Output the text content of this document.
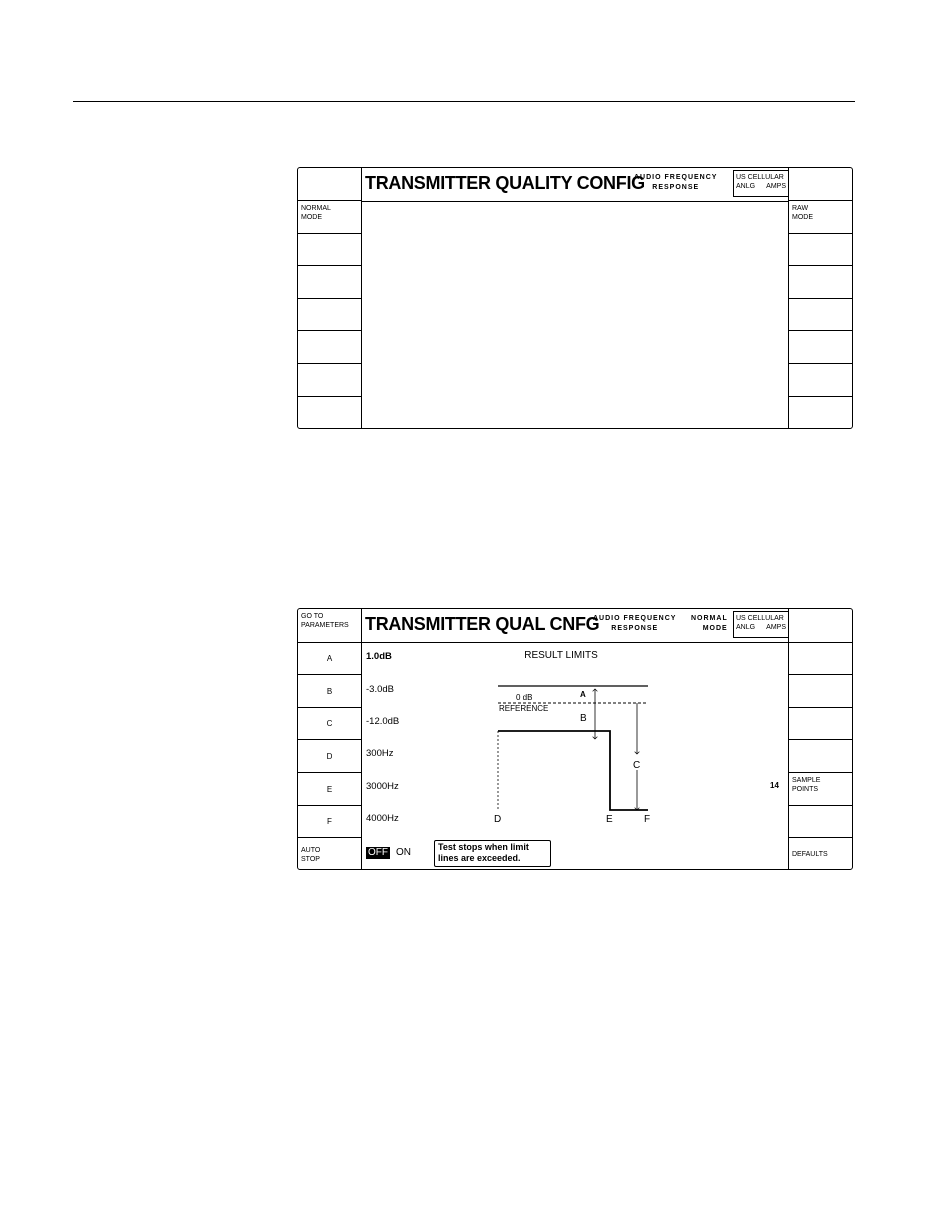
NORMAL
MODE
TRANSMITTER QUALITY CONFIG
AUDIO FREQUENCY
RESPONSE
US CELLULAR
ANLG AMPS
RAW
MODE
GO TO
PARAMETERS
A
B
C
D
E
F
AUTO
STOP
TRANSMITTER QUAL CNFG
AUDIO FREQUENCY
RESPONSE
NORMAL
MODE
US CELLULAR
ANLG AMPS
1.0dB
-3.0dB
-12.0dB
300Hz
3000Hz
4000Hz
OFF ON	Test stops when limit
lines are exceeded.
RESULT LIMITS
0 dB	A
REFERENCE
B
C
D	E	F
14
SAMPLE
POINTS
DEFAULTS
